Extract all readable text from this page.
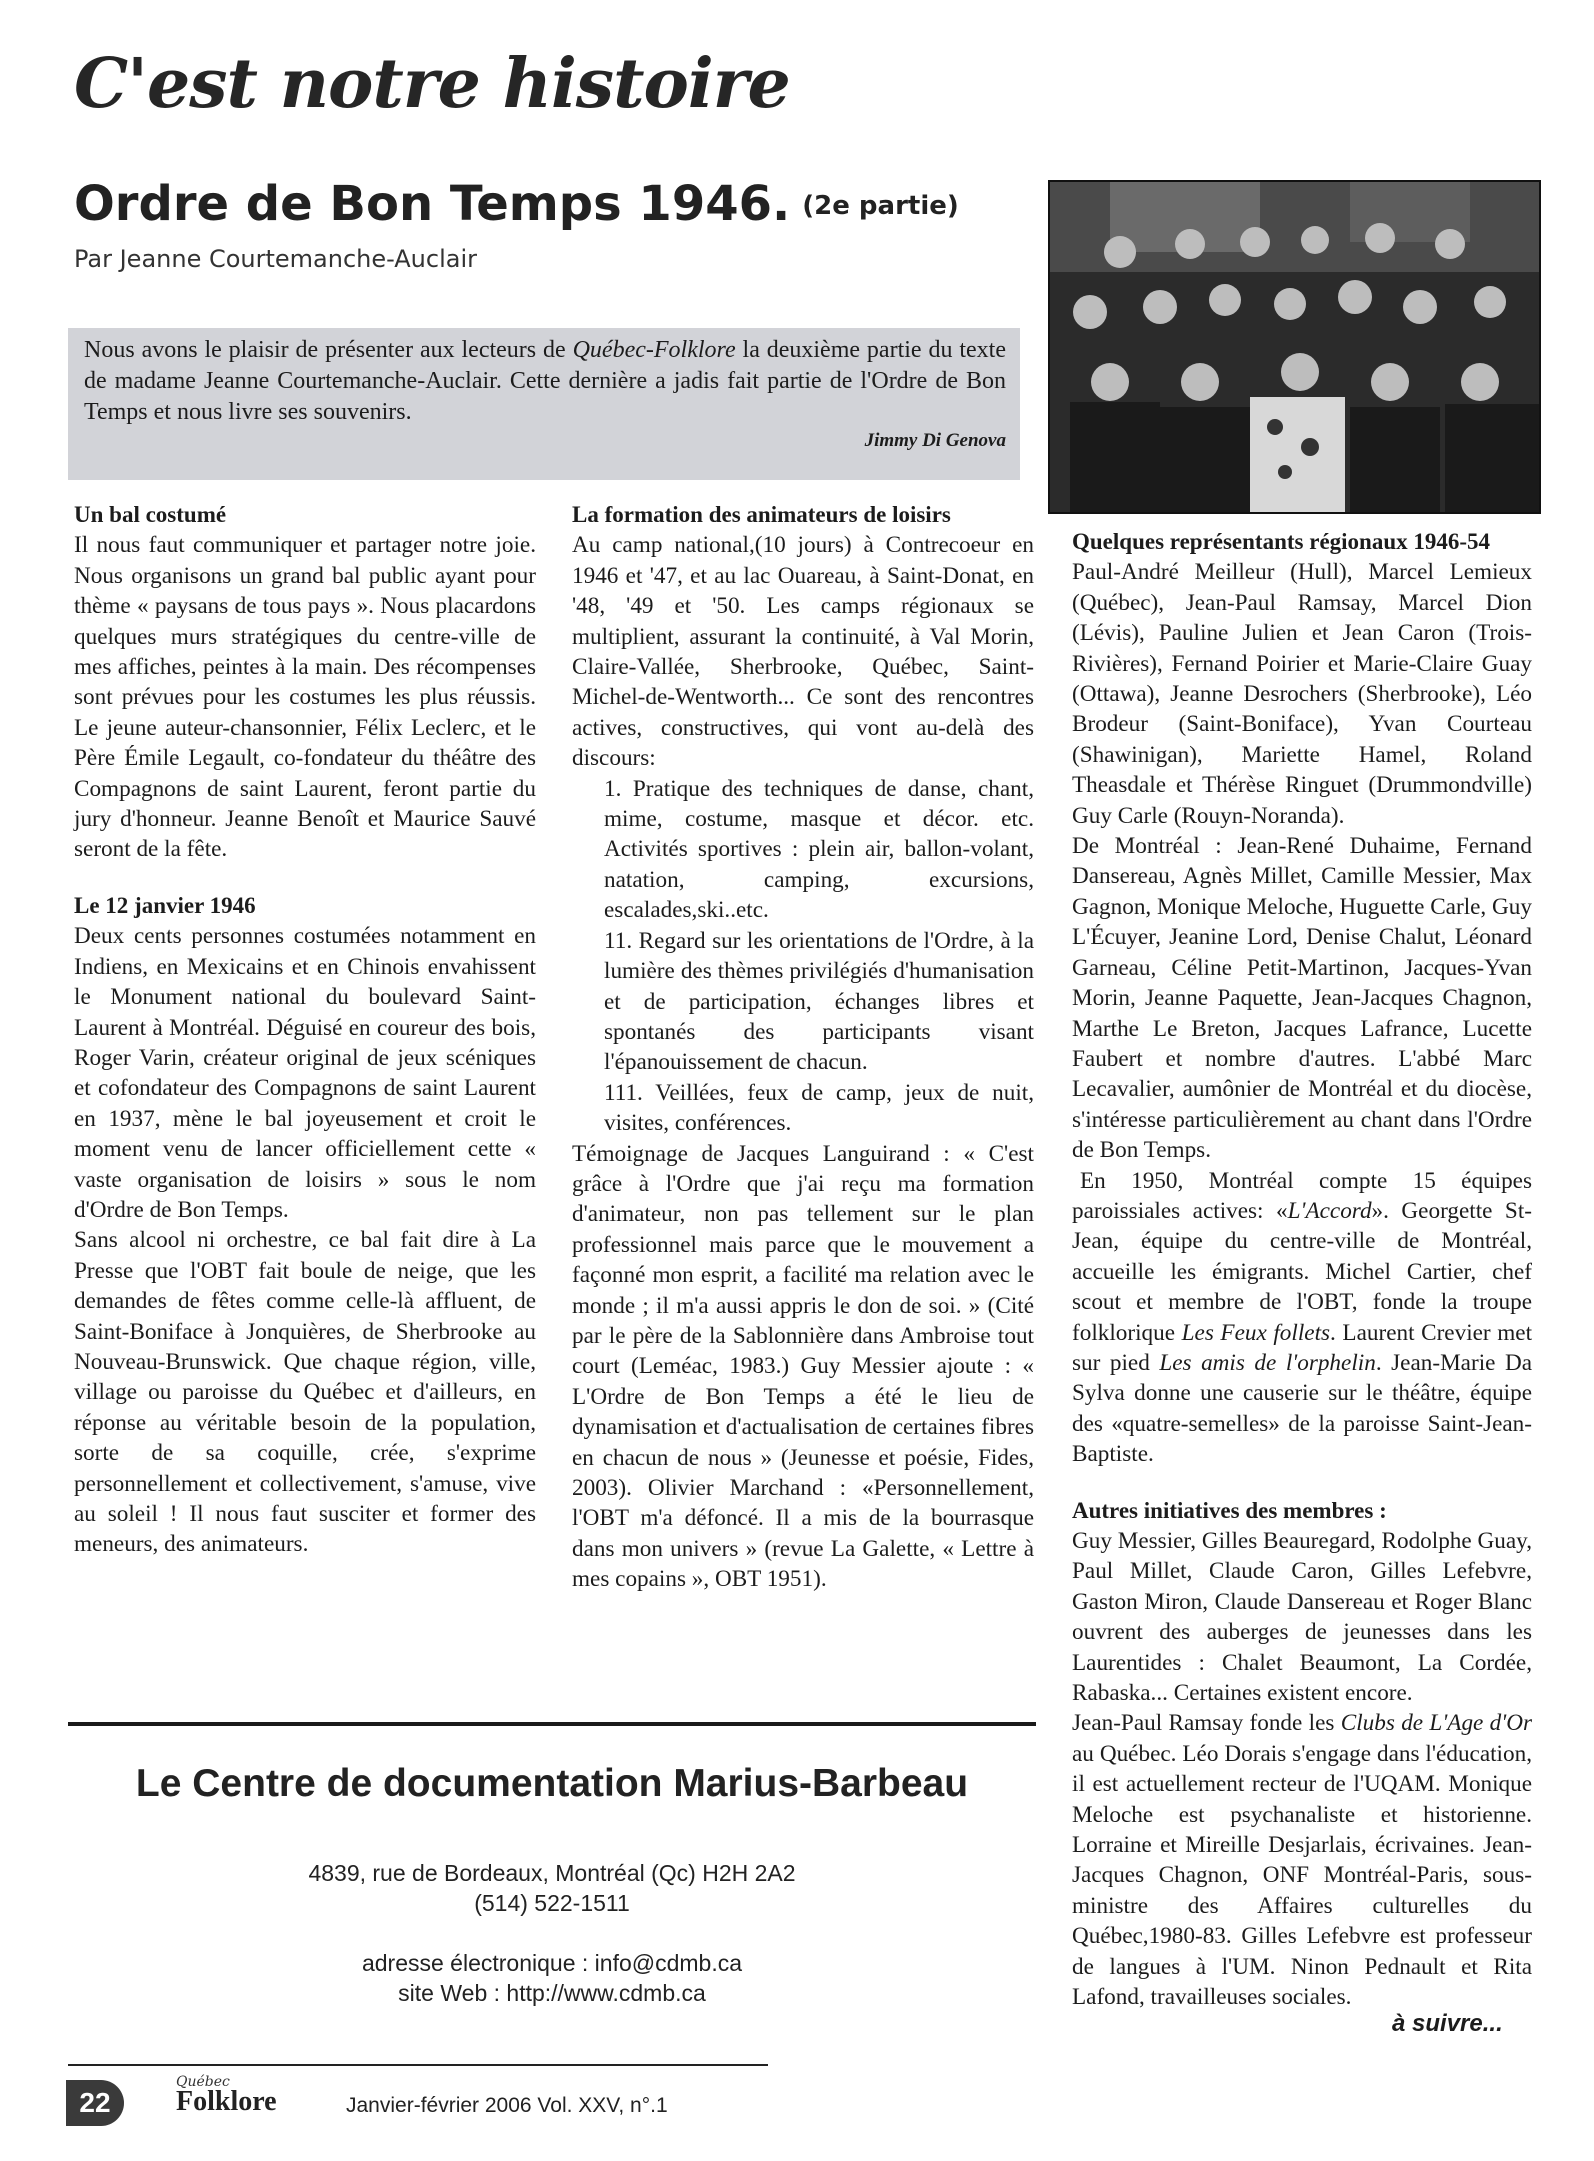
C'est notre histoire
Ordre de Bon Temps 1946. (2e partie)
Par Jeanne Courtemanche-Auclair
Nous avons le plaisir de présenter aux lecteurs de Québec-Folklore la deuxième partie du texte de madame Jeanne Courtemanche-Auclair. Cette dernière a jadis fait partie de l'Ordre de Bon Temps et nous livre ses souvenirs.
Jimmy Di Genova
Un bal costumé

Il nous faut communiquer et partager notre joie. Nous organisons un grand bal public ayant pour thème « paysans de tous pays ». Nous placardons quelques murs stratégiques du centre-ville de mes affiches, peintes à la main. Des récompenses sont prévues pour les costumes les plus réussis. Le jeune auteur-chansonnier, Félix Leclerc, et le Père Émile Legault, co-fondateur du théâtre des Compagnons de saint Laurent, feront partie du jury d'honneur. Jeanne Benoît et Maurice Sauvé seront de la fête.

Le 12 janvier 1946

Deux cents personnes costumées notamment en Indiens, en Mexicains et en Chinois envahissent le Monument national du boulevard Saint-Laurent à Montréal. Déguisé en coureur des bois, Roger Varin, créateur original de jeux scéniques et cofondateur des Compagnons de saint Laurent en 1937, mène le bal joyeusement et croit le moment venu de lancer officiellement cette « vaste organisation de loisirs » sous le nom d'Ordre de Bon Temps.

Sans alcool ni orchestre, ce bal fait dire à La Presse que l'OBT fait boule de neige, que les demandes de fêtes comme celle-là affluent, de Saint-Boniface à Jonquières, de Sherbrooke au Nouveau-Brunswick. Que chaque région, ville, village ou paroisse du Québec et d'ailleurs, en réponse au véritable besoin de la population, sorte de sa coquille, crée, s'exprime personnellement et collectivement, s'amuse, vive au soleil ! Il nous faut susciter et former des meneurs, des animateurs.

La formation des animateurs de loisirs

Au camp national,(10 jours) à Contrecoeur en 1946 et '47, et au lac Ouareau, à Saint-Donat, en '48, '49 et '50. Les camps régionaux se multiplient, assurant la continuité, à Val Morin, Claire-Vallée, Sherbrooke, Québec, Saint-Michel-de-Wentworth... Ce sont des rencontres actives, constructives, qui vont au-delà des discours:

1. Pratique des techniques de danse, chant, mime, costume, masque et décor. etc. Activités sportives : plein air, ballon-volant, natation, camping, excursions, escalades,ski..etc.

11. Regard sur les orientations de l'Ordre, à la lumière des thèmes privilégiés d'humanisation et de participation, échanges libres et spontanés des participants visant l'épanouissement de chacun.

111. Veillées, feux de camp, jeux de nuit, visites, conférences.

Témoignage de Jacques Languirand : « C'est grâce à l'Ordre que j'ai reçu ma formation d'animateur, non pas tellement sur le plan professionnel mais parce que le mouvement a façonné mon esprit, a facilité ma relation avec le monde ; il m'a aussi appris le don de soi. » (Cité par le père de la Sablonnière dans Ambroise tout court (Leméac, 1983.) Guy Messier ajoute : « L'Ordre de Bon Temps a été le lieu de dynamisation et d'actualisation de certaines fibres en chacun de nous » (Jeunesse et poésie, Fides, 2003). Olivier Marchand : «Personnellement, l'OBT m'a défoncé. Il a mis de la bourrasque dans mon univers » (revue La Galette, « Lettre à mes copains », OBT 1951).

Quelques représentants régionaux 1946-54

Paul-André Meilleur (Hull), Marcel Lemieux (Québec), Jean-Paul Ramsay, Marcel Dion (Lévis), Pauline Julien et Jean Caron (Trois-Rivières), Fernand Poirier et Marie-Claire Guay (Ottawa), Jeanne Desrochers (Sherbrooke), Léo Brodeur (Saint-Boniface), Yvan Courteau (Shawinigan), Mariette Hamel, Roland Theasdale et Thérèse Ringuet (Drummondville) Guy Carle (Rouyn-Noranda).

De Montréal : Jean-René Duhaime, Fernand Dansereau, Agnès Millet, Camille Messier, Max Gagnon, Monique Meloche, Huguette Carle, Guy L'Écuyer, Jeanine Lord, Denise Chalut, Léonard Garneau, Céline Petit-Martinon, Jacques-Yvan Morin, Jeanne Paquette, Jean-Jacques Chagnon, Marthe Le Breton, Jacques Lafrance, Lucette Faubert et nombre d'autres. L'abbé Marc Lecavalier, aumônier de Montréal et du diocèse, s'intéresse particulièrement au chant dans l'Ordre de Bon Temps.

En 1950, Montréal compte 15 équipes paroissiales actives: «L'Accord». Georgette St-Jean, équipe du centre-ville de Montréal, accueille les émigrants. Michel Cartier, chef scout et membre de l'OBT, fonde la troupe folklorique Les Feux follets. Laurent Crevier met sur pied Les amis de l'orphelin. Jean-Marie Da Sylva donne une causerie sur le théâtre, équipe des «quatre-semelles» de la paroisse Saint-Jean-Baptiste.

Autres initiatives des membres :

Guy Messier, Gilles Beauregard, Rodolphe Guay, Paul Millet, Claude Caron, Gilles Lefebvre, Gaston Miron, Claude Dansereau et Roger Blanc ouvrent des auberges de jeunesses dans les Laurentides : Chalet Beaumont, La Cordée, Rabaska... Certaines existent encore.

Jean-Paul Ramsay fonde les Clubs de L'Age d'Or au Québec. Léo Dorais s'engage dans l'éducation, il est actuellement recteur de l'UQAM. Monique Meloche est psychanaliste et historienne. Lorraine et Mireille Desjarlais, écrivaines. Jean-Jacques Chagnon, ONF Montréal-Paris, sous-ministre des Affaires culturelles du Québec,1980-83. Gilles Lefebvre est professeur de langues à l'UM. Ninon Pednault et Rita Lafond, travailleuses sociales.

à suivre...
Le Centre de documentation Marius-Barbeau
4839, rue de Bordeaux, Montréal (Qc) H2H 2A2
(514) 522-1511
adresse électronique : info@cdmb.ca
site Web : http://www.cdmb.ca
22
Québec
Folklore	Janvier-février 2006 Vol. XXV, n°.1
